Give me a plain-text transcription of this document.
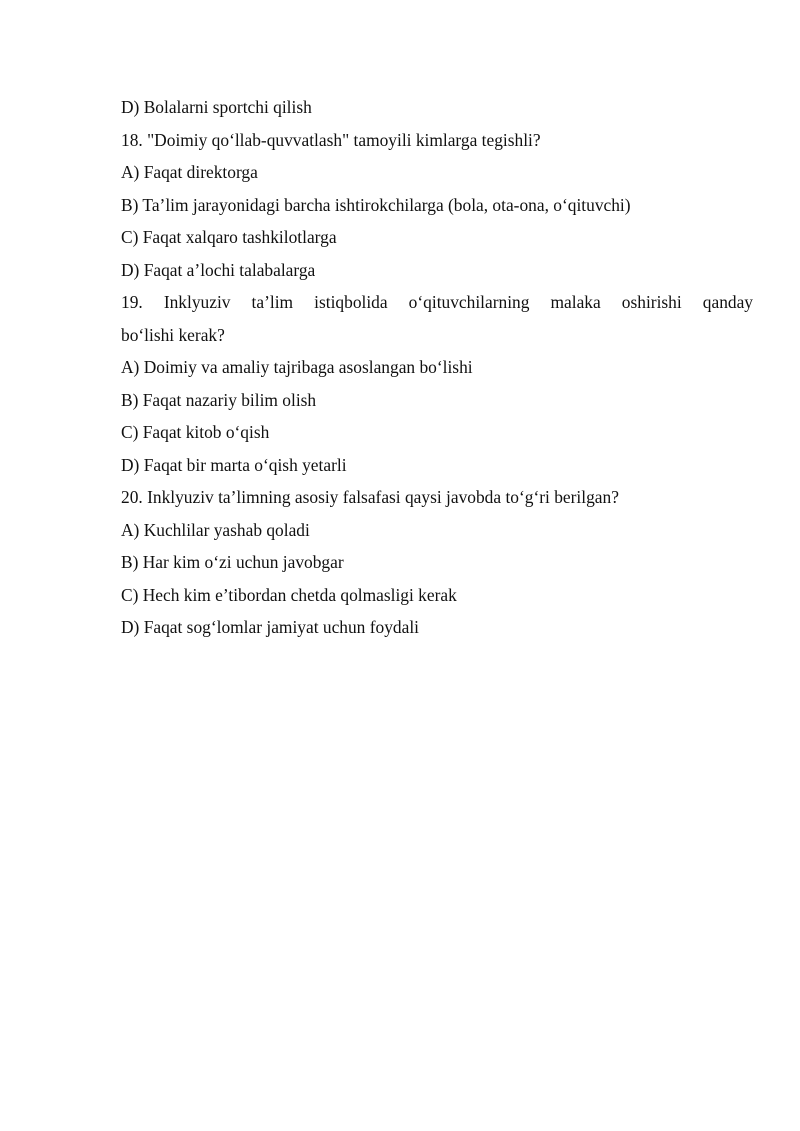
D) Bolalarni sportchi qilish
18. "Doimiy qo‘llab-quvvatlash" tamoyili kimlarga tegishli?
A) Faqat direktorga
B) Ta’lim jarayonidagi barcha ishtirokchilarga (bola, ota-ona, o‘qituvchi)
C) Faqat xalqaro tashkilotlarga
D) Faqat a’lochi talabalarga
19. Inklyuziv ta’lim istiqbolida o‘qituvchilarning malaka oshirishi qanday
bo‘lishi kerak?
A) Doimiy va amaliy tajribaga asoslangan bo‘lishi
B) Faqat nazariy bilim olish
C) Faqat kitob o‘qish
D) Faqat bir marta o‘qish yetarli
20. Inklyuziv ta’limning asosiy falsafasi qaysi javobda to‘g‘ri berilgan?
A) Kuchlilar yashab qoladi
B) Har kim o‘zi uchun javobgar
C) Hech kim e’tibordan chetda qolmasligi kerak
D) Faqat sog‘lomlar jamiyat uchun foydali
